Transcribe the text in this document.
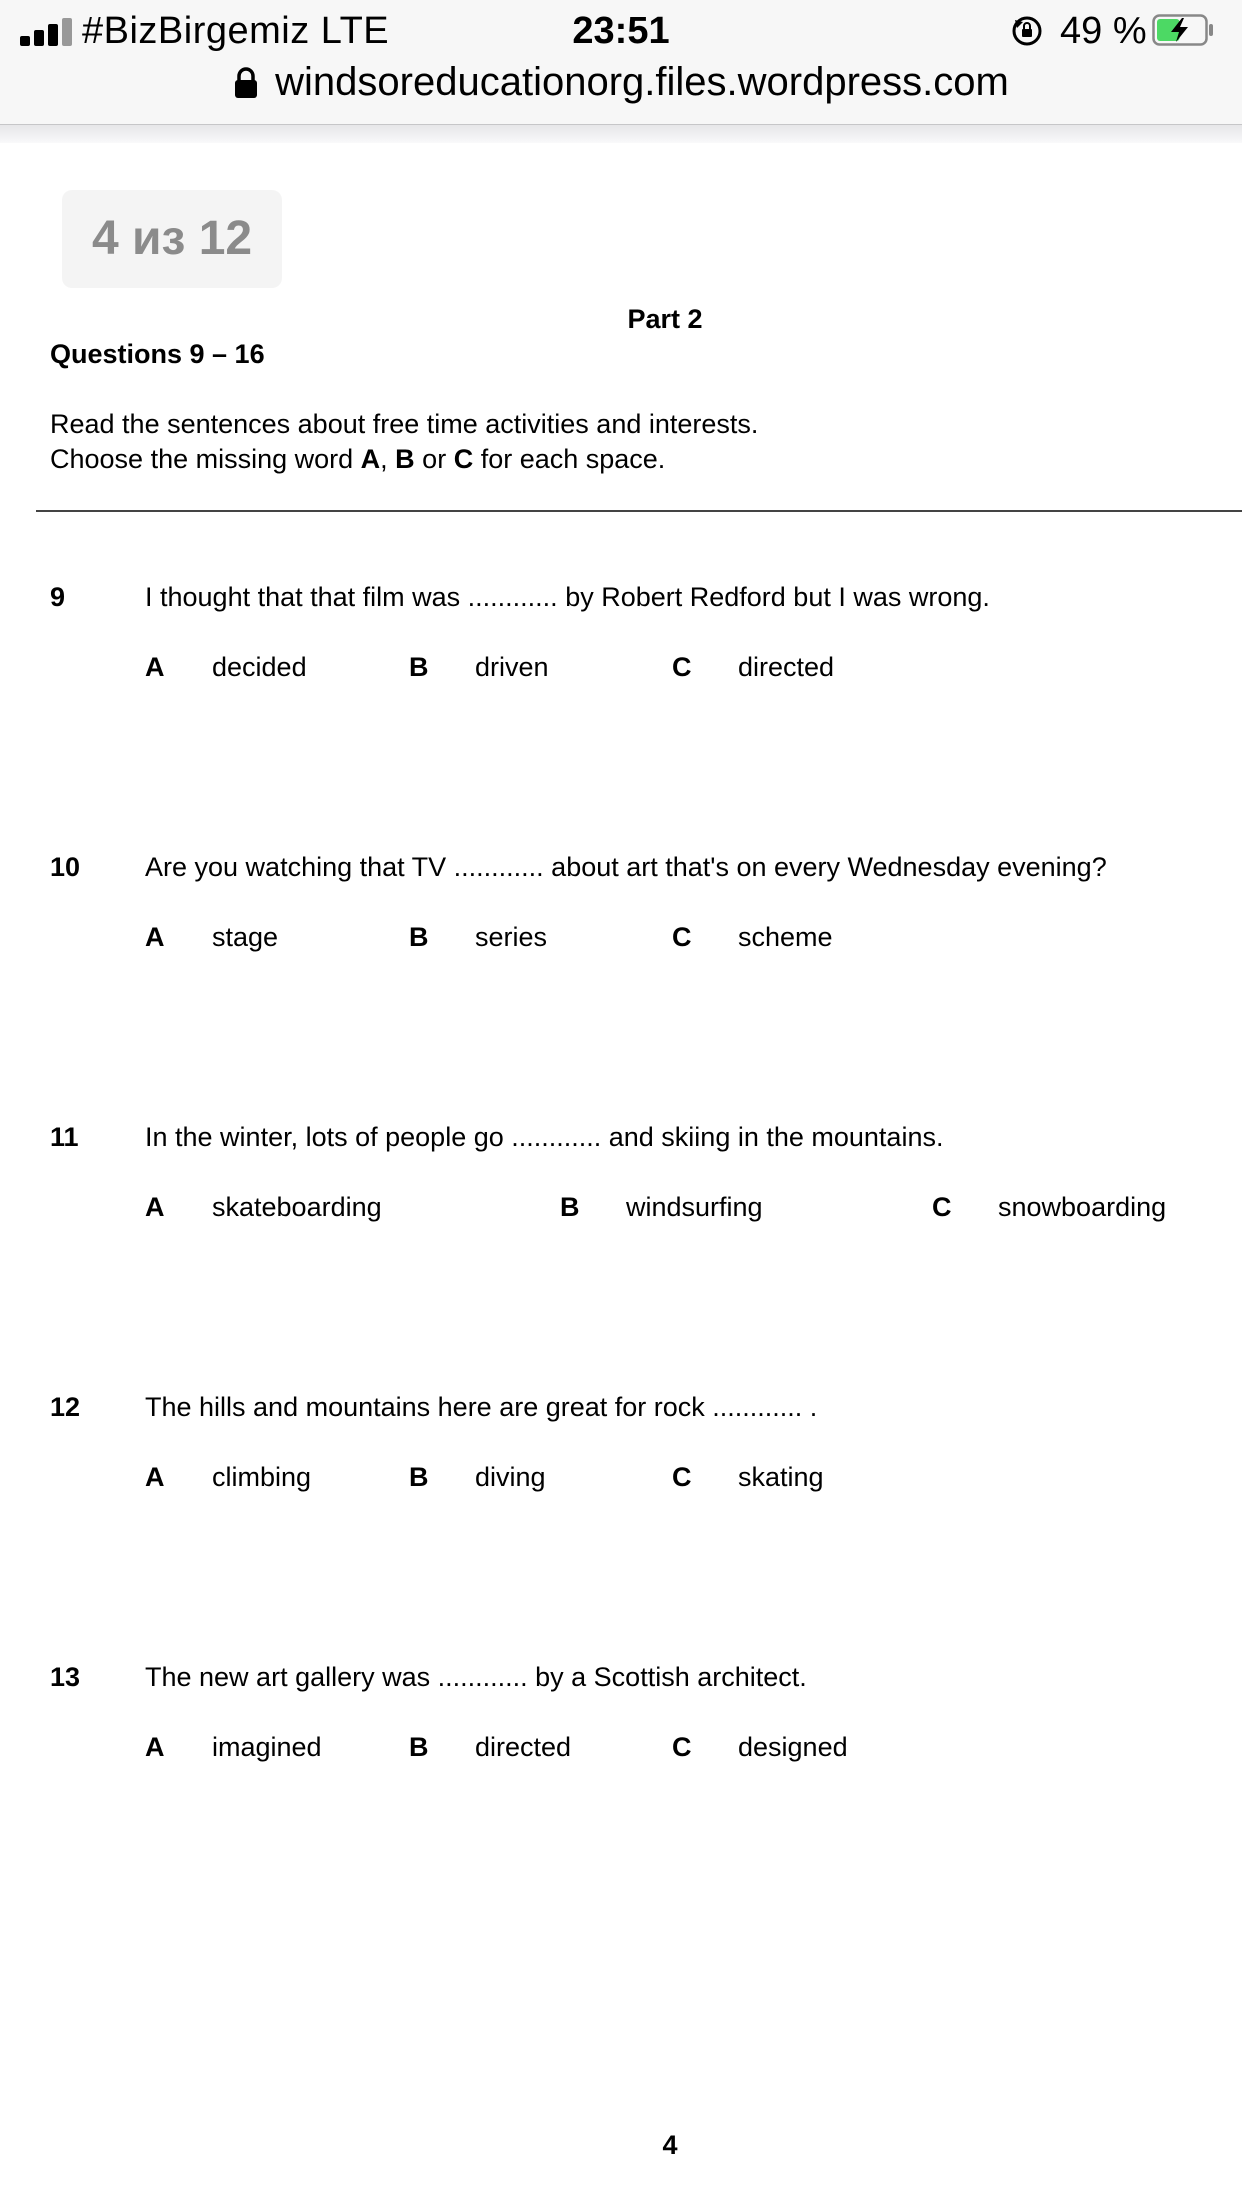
#BizBirgemiz LTE	23:51	49 %
windsoreducationorg.files.wordpress.com
4 из 12
Part 2
Questions 9 – 16
Read the sentences about free time activities and interests.
Choose the missing word A, B or C for each space.
9	I thought that that film was ............ by Robert Redford but I was wrong.
A decided	B driven	C directed
10 Are you watching that TV ............ about art that's on every Wednesday evening?
A stage	B series	C scheme
11 In the winter, lots of people go ............ and skiing in the mountains.
A skateboarding	B windsurfing	C snowboarding
12 The hills and mountains here are great for rock ............ .
A climbing	B diving	C skating
13 The new art gallery was ............ by a Scottish architect.
A imagined	B directed	C designed
4
